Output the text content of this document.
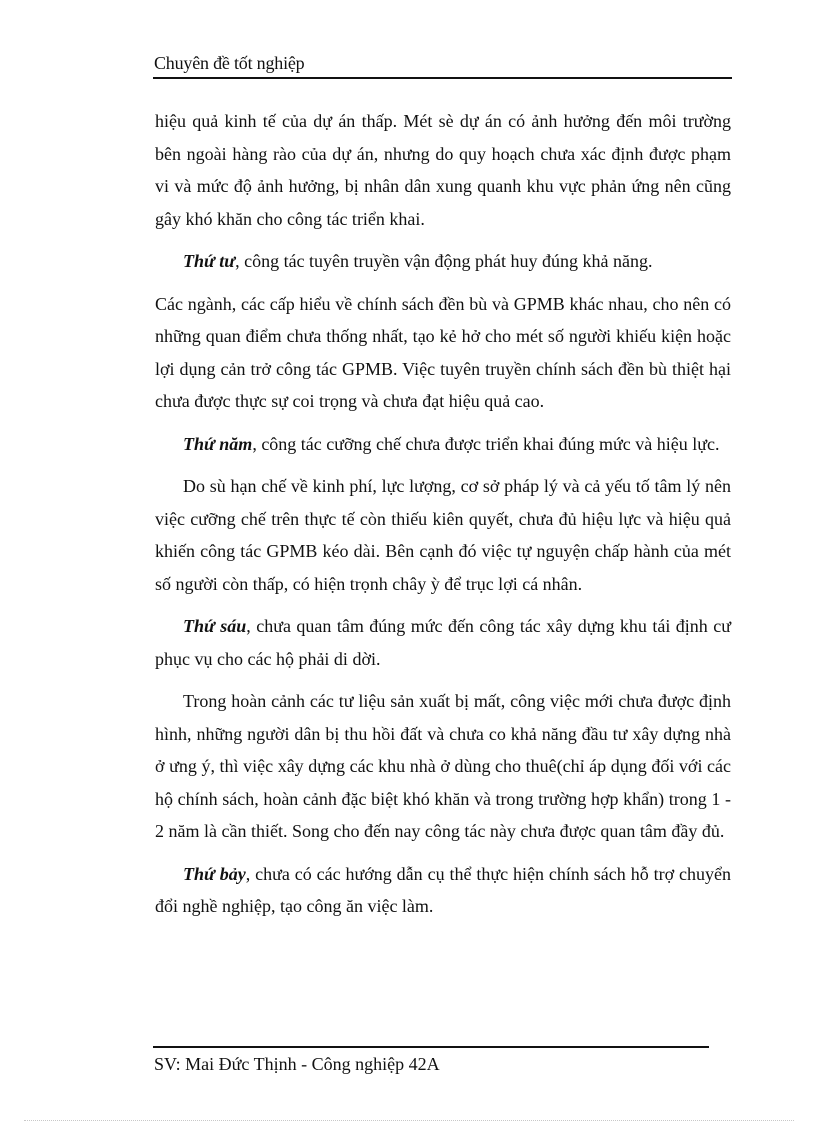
Chuyên đề tốt nghiệp

hiệu quả kinh tế của dự án thấp. Mét sè dự án có ảnh hưởng đến môi trường bên ngoài hàng rào của dự án, nhưng do quy hoạch chưa xác định được phạm vi và mức độ ảnh hưởng, bị nhân dân xung quanh khu vực phản ứng nên cũng gây khó khăn cho công tác triển khai.

Thứ tư, công tác tuyên truyền vận động phát huy đúng khả năng.

Các ngành, các cấp hiểu về chính sách đền bù và GPMB khác nhau, cho nên có những quan điểm chưa thống nhất, tạo kẻ hở cho mét số người khiếu kiện hoặc lợi dụng cản trở công tác GPMB. Việc tuyên truyền chính sách đền bù thiệt hại chưa được thực sự coi trọng và chưa đạt hiệu quả cao.

Thứ năm, công tác cưỡng chế chưa được triển khai đúng mức và hiệu lực.

Do sù hạn chế về kinh phí, lực lượng, cơ sở pháp lý và cả yếu tố tâm lý nên việc cưỡng chế trên thực tế còn thiếu kiên quyết, chưa đủ hiệu lực và hiệu quả khiến công tác GPMB kéo dài. Bên cạnh đó việc tự nguyện chấp hành của mét số người còn thấp, có hiện trọnh chây ỳ để trục lợi cá nhân.

Thứ sáu, chưa quan tâm đúng mức đến công tác xây dựng khu tái định cư phục vụ cho các hộ phải di dời.

Trong hoàn cảnh các tư liệu sản xuất bị mất, công việc mới chưa được định hình, những người dân bị thu hồi đất và chưa co khả năng đầu tư xây dựng nhà ở ưng ý, thì việc xây dựng các khu nhà ở dùng cho thuê(chỉ áp dụng đối với các hộ chính sách, hoàn cảnh đặc biệt khó khăn và trong trường hợp khẩn) trong 1 - 2 năm là cần thiết. Song cho đến nay công tác này chưa được quan tâm đầy đủ.

Thứ bảy, chưa có các hướng dẫn cụ thể thực hiện chính sách hỗ trợ chuyển đổi nghề nghiệp, tạo công ăn việc làm.

SV: Mai Đức Thịnh - Công nghiệp 42A
